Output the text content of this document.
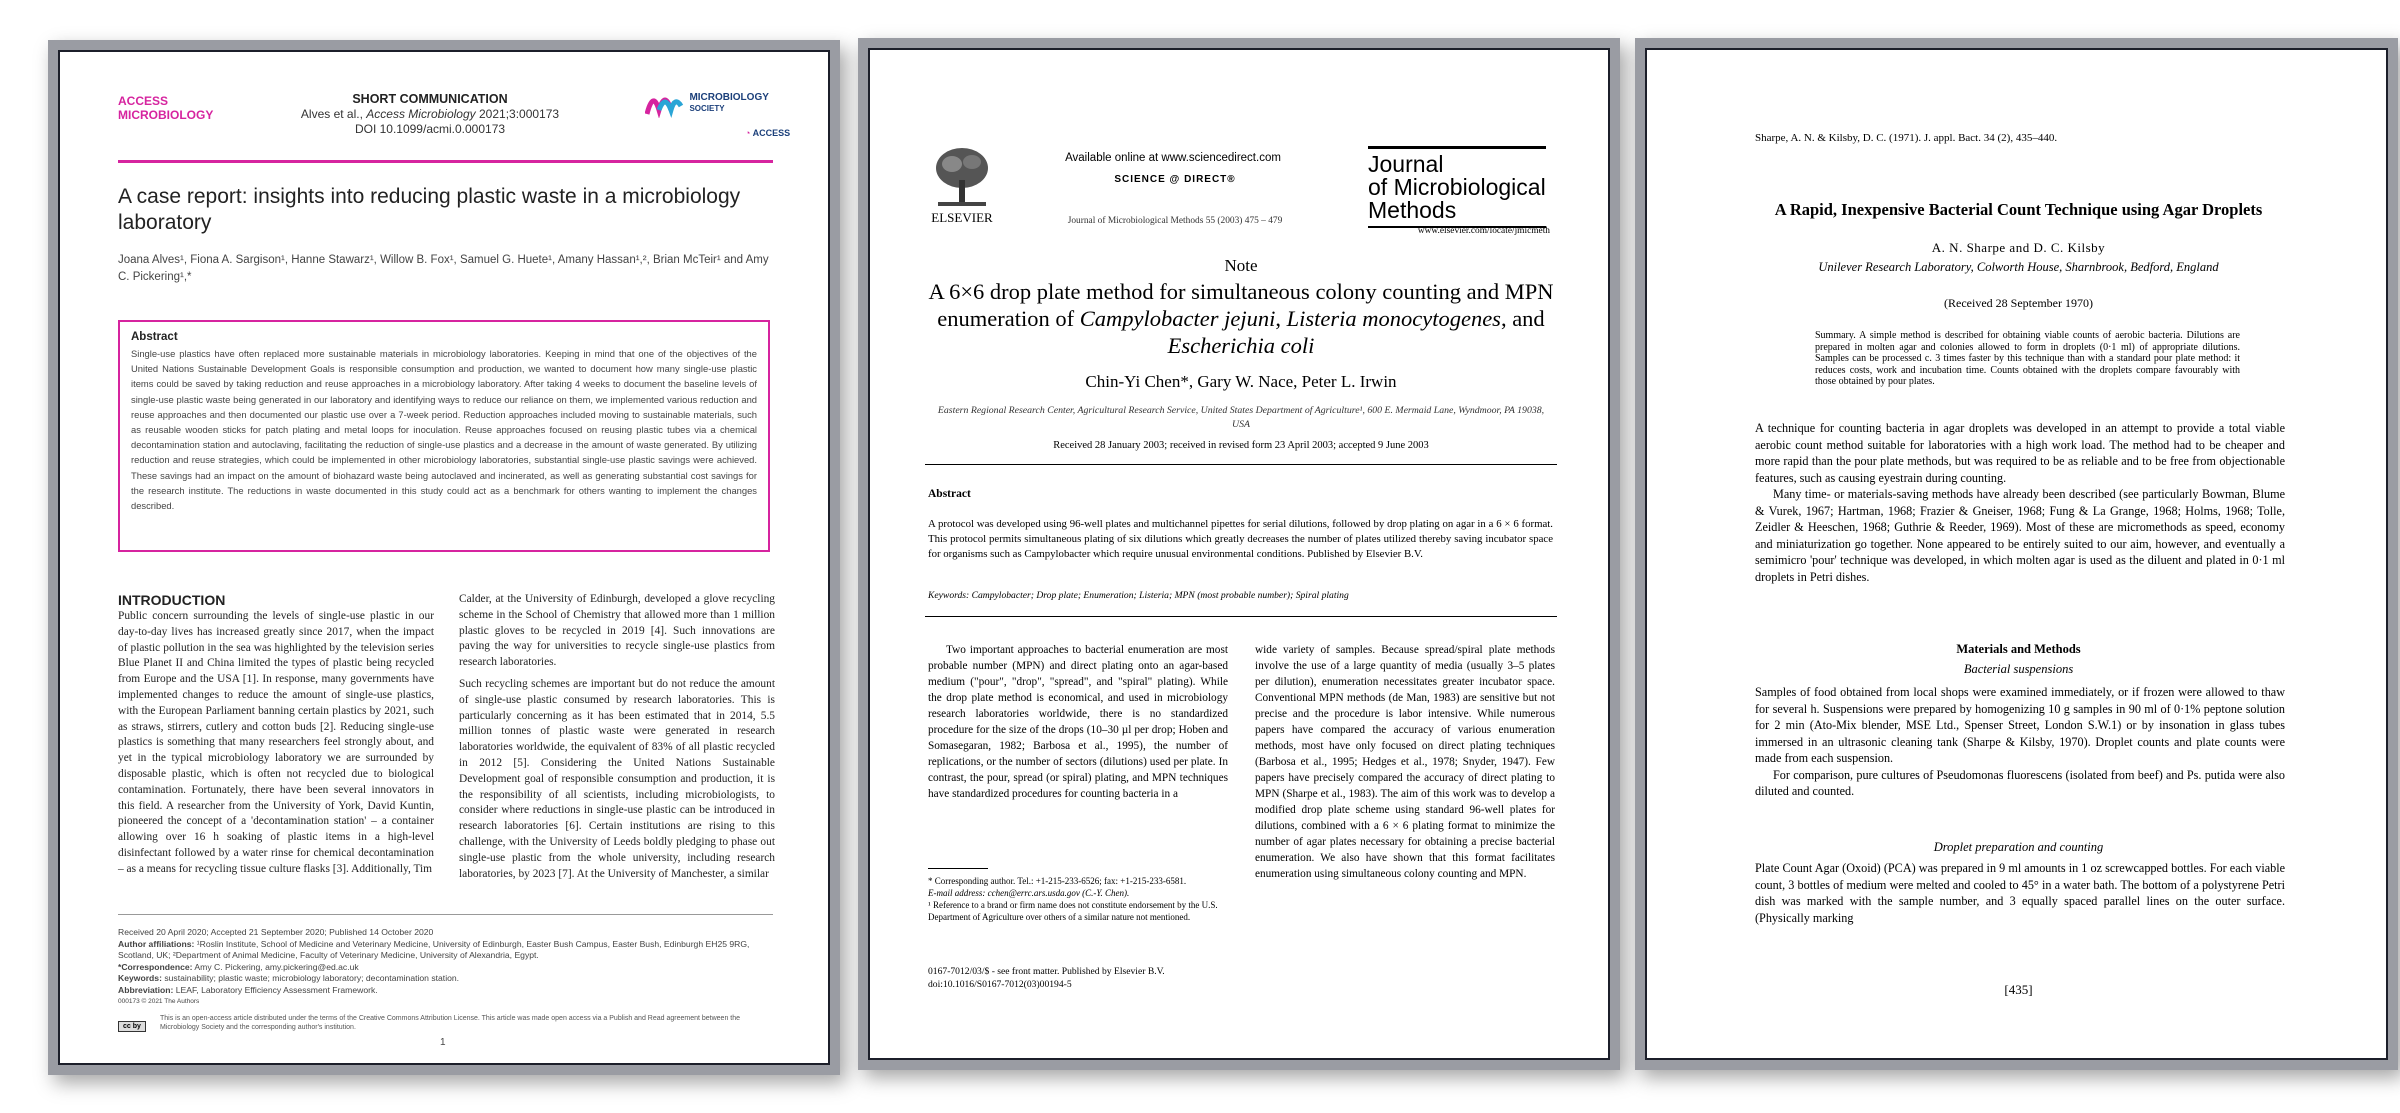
ACCESS
MICROBIOLOGY
SHORT COMMUNICATION
Alves et al., Access Microbiology 2021;3:000173
DOI 10.1099/acmi.0.000173
MICROBIOLOGY
SOCIETY
◔ ACCESS
A case report: insights into reducing plastic waste in a microbiology laboratory
Joana Alves¹, Fiona A. Sargison¹, Hanne Stawarz¹, Willow B. Fox¹, Samuel G. Huete¹, Amany Hassan¹,², Brian McTeir¹ and Amy C. Pickering¹,*
Abstract
Single-use plastics have often replaced more sustainable materials in microbiology laboratories. Keeping in mind that one of the objectives of the United Nations Sustainable Development Goals is responsible consumption and production, we wanted to document how many single-use plastic items could be saved by taking reduction and reuse approaches in a microbiology laboratory. After taking 4 weeks to document the baseline levels of single-use plastic waste being generated in our laboratory and identifying ways to reduce our reliance on them, we implemented various reduction and reuse approaches and then documented our plastic use over a 7-week period. Reduction approaches included moving to sustainable materials, such as reusable wooden sticks for patch plating and metal loops for inoculation. Reuse approaches focused on reusing plastic tubes via a chemical decontamination station and autoclaving, facilitating the reduction of single-use plastics and a decrease in the amount of waste generated. By utilizing reduction and reuse strategies, which could be implemented in other microbiology laboratories, substantial single-use plastic savings were achieved. These savings had an impact on the amount of biohazard waste being autoclaved and incinerated, as well as generating substantial cost savings for the research institute. The reductions in waste documented in this study could act as a benchmark for others wanting to implement the changes described.
INTRODUCTION
Public concern surrounding the levels of single-use plastic in our day-to-day lives has increased greatly since 2017, when the impact of plastic pollution in the sea was highlighted by the television series Blue Planet II and China limited the types of plastic being recycled from Europe and the USA [1]. In response, many governments have implemented changes to reduce the amount of single-use plastics, with the European Parliament banning certain plastics by 2021, such as straws, stirrers, cutlery and cotton buds [2]. Reducing single-use plastics is something that many researchers feel strongly about, and yet in the typical microbiology laboratory we are surrounded by disposable plastic, which is often not recycled due to biological contamination. Fortunately, there have been several innovators in this field. A researcher from the University of York, David Kuntin, pioneered the concept of a 'decontamination station' – a container allowing over 16 h soaking of plastic items in a high-level disinfectant followed by a water rinse for chemical decontamination – as a means for recycling tissue culture flasks [3]. Additionally, Tim

Calder, at the University of Edinburgh, developed a glove recycling scheme in the School of Chemistry that allowed more than 1 million plastic gloves to be recycled in 2019 [4]. Such innovations are paving the way for universities to recycle single-use plastics from research laboratories.

Such recycling schemes are important but do not reduce the amount of single-use plastic consumed by research laboratories. This is particularly concerning as it has been estimated that in 2014, 5.5 million tonnes of plastic waste were generated in research laboratories worldwide, the equivalent of 83% of all plastic recycled in 2012 [5]. Considering the United Nations Sustainable Development goal of responsible consumption and production, it is the responsibility of all scientists, including microbiologists, to consider where reductions in single-use plastic can be introduced in research laboratories [6]. Certain institutions are rising to this challenge, with the University of Leeds boldly pledging to phase out single-use plastic from the whole university, including research laboratories, by 2023 [7]. At the University of Manchester, a similar

Received 20 April 2020; Accepted 21 September 2020; Published 14 October 2020
Author affiliations: ¹Roslin Institute, School of Medicine and Veterinary Medicine, University of Edinburgh, Easter Bush Campus, Easter Bush, Edinburgh EH25 9RG, Scotland, UK; ²Department of Animal Medicine, Faculty of Veterinary Medicine, University of Alexandria, Egypt.
*Correspondence: Amy C. Pickering, amy.pickering@ed.ac.uk
Keywords: sustainability; plastic waste; microbiology laboratory; decontamination station.
Abbreviation: LEAF, Laboratory Efficiency Assessment Framework.
000173 © 2021 The Authors
cc by
This is an open-access article distributed under the terms of the Creative Commons Attribution License. This article was made open access via a Publish and Read agreement between the Microbiology Society and the corresponding author's institution.
1
ELSEVIER
Available online at www.sciencedirect.com
SCIENCE @ DIRECT®
Journal of Microbiological Methods 55 (2003) 475 – 479
Journal
of Microbiological
Methods
www.elsevier.com/locate/jmicmeth
Note
A 6×6 drop plate method for simultaneous colony counting and MPN enumeration of Campylobacter jejuni, Listeria monocytogenes, and Escherichia coli
Chin-Yi Chen*, Gary W. Nace, Peter L. Irwin
Eastern Regional Research Center, Agricultural Research Service, United States Department of Agriculture¹, 600 E. Mermaid Lane, Wyndmoor, PA 19038, USA
Received 28 January 2003; received in revised form 23 April 2003; accepted 9 June 2003
Abstract
A protocol was developed using 96-well plates and multichannel pipettes for serial dilutions, followed by drop plating on agar in a 6 × 6 format. This protocol permits simultaneous plating of six dilutions which greatly decreases the number of plates utilized thereby saving incubator space for organisms such as Campylobacter which require unusual environmental conditions. Published by Elsevier B.V.
Keywords: Campylobacter; Drop plate; Enumeration; Listeria; MPN (most probable number); Spiral plating
Two important approaches to bacterial enumeration are most probable number (MPN) and direct plating onto an agar-based medium ("pour", "drop", "spread", and "spiral" plating). While the drop plate method is economical, and used in microbiology research laboratories worldwide, there is no standardized procedure for the size of the drops (10–30 µl per drop; Hoben and Somasegaran, 1982; Barbosa et al., 1995), the number of replications, or the number of sectors (dilutions) used per plate. In contrast, the pour, spread (or spiral) plating, and MPN techniques have standardized procedures for counting bacteria in a
wide variety of samples. Because spread/spiral plate methods involve the use of a large quantity of media (usually 3–5 plates per dilution), enumeration necessitates greater incubator space. Conventional MPN methods (de Man, 1983) are sensitive but not precise and the procedure is labor intensive. While numerous papers have compared the accuracy of various enumeration methods, most have only focused on direct plating techniques (Barbosa et al., 1995; Hedges et al., 1978; Snyder, 1947). Few papers have precisely compared the accuracy of direct plating to MPN (Sharpe et al., 1983). The aim of this work was to develop a modified drop plate scheme using standard 96-well plates for dilutions, combined with a 6 × 6 plating format to minimize the number of agar plates necessary for obtaining a precise bacterial enumeration. We also have shown that this format facilitates enumeration using simultaneous colony counting and MPN.
* Corresponding author. Tel.: +1-215-233-6526; fax: +1-215-233-6581.
E-mail address: cchen@errc.ars.usda.gov (C.-Y. Chen).
¹ Reference to a brand or firm name does not constitute endorsement by the U.S. Department of Agriculture over others of a similar nature not mentioned.
0167-7012/03/$ - see front matter. Published by Elsevier B.V.
doi:10.1016/S0167-7012(03)00194-5
Sharpe, A. N. & Kilsby, D. C. (1971). J. appl. Bact. 34 (2), 435–440.
A Rapid, Inexpensive Bacterial Count Technique using Agar Droplets
A. N. Sharpe and D. C. Kilsby
Unilever Research Laboratory, Colworth House, Sharnbrook, Bedford, England
(Received 28 September 1970)
Summary. A simple method is described for obtaining viable counts of aerobic bacteria. Dilutions are prepared in molten agar and colonies allowed to form in droplets (0·1 ml) of appropriate dilutions. Samples can be processed c. 3 times faster by this technique than with a standard pour plate method: it reduces costs, work and incubation time. Counts obtained with the droplets compare favourably with those obtained by pour plates.

A technique for counting bacteria in agar droplets was developed in an attempt to provide a total viable aerobic count method suitable for laboratories with a high work load. The method had to be cheaper and more rapid than the pour plate methods, but was required to be as reliable and to be free from objectionable features, such as causing eyestrain during counting.

Many time- or materials-saving methods have already been described (see particularly Bowman, Blume & Vurek, 1967; Hartman, 1968; Frazier & Gneiser, 1968; Fung & La Grange, 1968; Holms, 1968; Tolle, Zeidler & Heeschen, 1968; Guthrie & Reeder, 1969). Most of these are micromethods as speed, economy and miniaturization go together. None appeared to be entirely suited to our aim, however, and eventually a semimicro 'pour' technique was developed, in which molten agar is used as the diluent and plated in 0·1 ml droplets in Petri dishes.

Materials and Methods
Bacterial suspensions

Samples of food obtained from local shops were examined immediately, or if frozen were allowed to thaw for several h. Suspensions were prepared by homogenizing 10 g samples in 90 ml of 0·1% peptone solution for 2 min (Ato-Mix blender, MSE Ltd., Spenser Street, London S.W.1) or by insonation in glass tubes immersed in an ultrasonic cleaning tank (Sharpe & Kilsby, 1970). Droplet counts and plate counts were made from each suspension.

For comparison, pure cultures of Pseudomonas fluorescens (isolated from beef) and Ps. putida were also diluted and counted.

Droplet preparation and counting
Plate Count Agar (Oxoid) (PCA) was prepared in 9 ml amounts in 1 oz screwcapped bottles. For each viable count, 3 bottles of medium were melted and cooled to 45° in a water bath. The bottom of a polystyrene Petri dish was marked with the sample number, and 3 equally spaced parallel lines on the outer surface. (Physically marking
[435]
